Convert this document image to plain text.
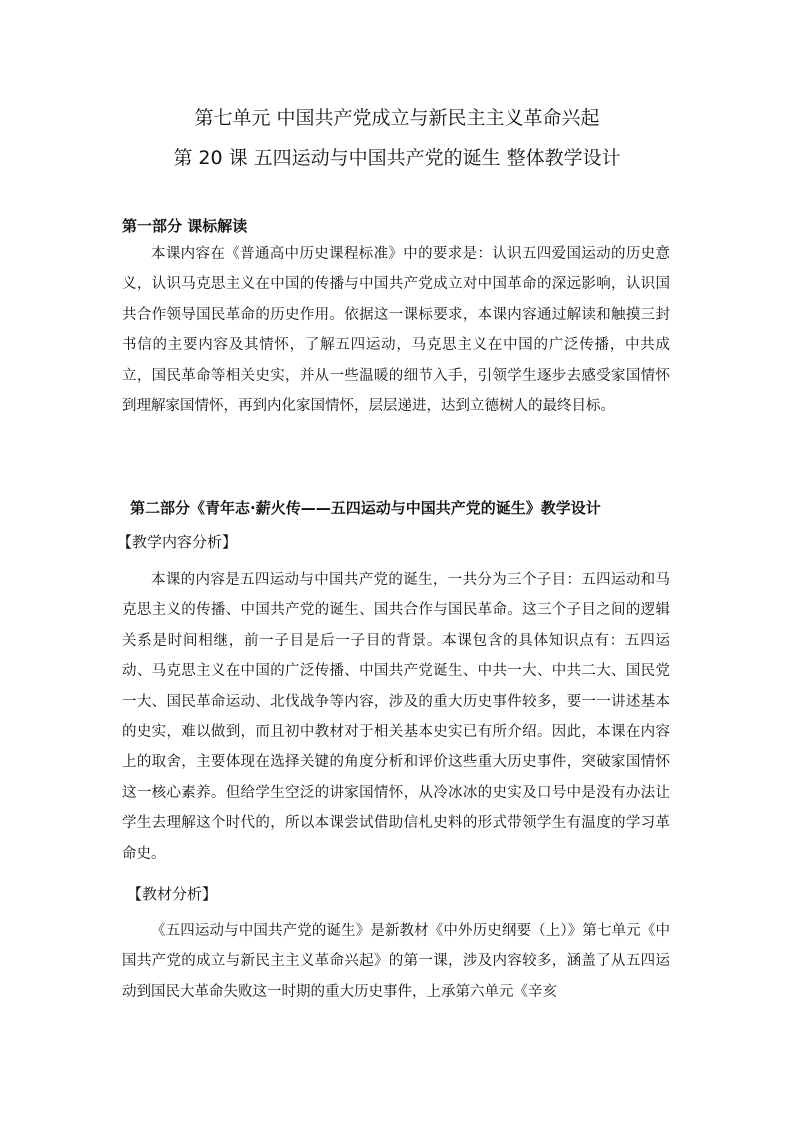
第七单元 中国共产党成立与新民主主义革命兴起
第 20 课 五四运动与中国共产党的诞生 整体教学设计
第一部分 课标解读

本课内容在《普通高中历史课程标准》中的要求是：认识五四爱国运动的历史意义，认识马克思主义在中国的传播与中国共产党成立对中国革命的深远影响，认识国共合作领导国民革命的历史作用。依据这一课标要求，本课内容通过解读和触摸三封书信的主要内容及其情怀，了解五四运动，马克思主义在中国的广泛传播，中共成立，国民革命等相关史实，并从一些温暖的细节入手，引领学生逐步去感受家国情怀到理解家国情怀，再到内化家国情怀，层层递进，达到立德树人的最终目标。

第二部分《青年志·薪火传——五四运动与中国共产党的诞生》教学设计
【教学内容分析】

本课的内容是五四运动与中国共产党的诞生，一共分为三个子目：五四运动和马克思主义的传播、中国共产党的诞生、国共合作与国民革命。这三个子目之间的逻辑关系是时间相继，前一子目是后一子目的背景。本课包含的具体知识点有：五四运动、马克思主义在中国的广泛传播、中国共产党诞生、中共一大、中共二大、国民党一大、国民革命运动、北伐战争等内容，涉及的重大历史事件较多，要一一讲述基本的史实，难以做到，而且初中教材对于相关基本史实已有所介绍。因此，本课在内容上的取舍，主要体现在选择关键的角度分析和评价这些重大历史事件，突破家国情怀这一核心素养。但给学生空泛的讲家国情怀，从冷冰冰的史实及口号中是没有办法让学生去理解这个时代的，所以本课尝试借助信札史料的形式带领学生有温度的学习革命史。

【教材分析】

《五四运动与中国共产党的诞生》是新教材《中外历史纲要（上）》第七单元《中国共产党的成立与新民主主义革命兴起》的第一课，涉及内容较多，涵盖了从五四运动到国民大革命失败这一时期的重大历史事件，上承第六单元《辛亥
